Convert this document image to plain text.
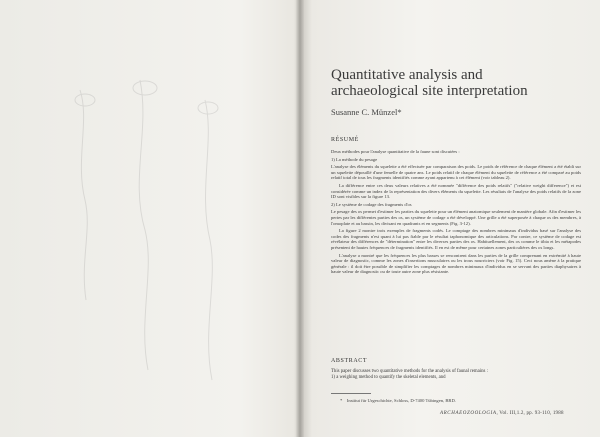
Quantitative analysis and
archaeological site interpretation
Susanne C. Münzel*
RÉSUMÉ

Deux méthodes pour l'analyse quantitative de la faune sont discutées :

1) La méthode du pesage

L'analyse des éléments du squelette a été effectuée par comparaison des poids. Le poids de référence de chaque élément a été établi sur un squelette dépouillé d'une femelle de quatre ans. Le poids relatif de chaque élément du squelette de référence a été comparé au poids relatif total de tous les fragments identifiés comme ayant appartenu à cet élément (voir tableau 2).

La différence entre ces deux valeurs relatives a été nommée "différence des poids relatifs" ("relative weight difference") et est considérée comme un index de la représentation des divers éléments du squelette. Les résultats de l'analyse des poids relatifs de la zone ID sont visibles sur la figure 13.

2) Le système de codage des fragments d'os

Le pesage des os permet d'estimer les parties du squelette pour un élément anatomique seulement de manière globale. Afin d'estimer les pertes par les différentes parties des os, un système de codage a été développé. Une grille a été superposée à chaque os des membres, à l'omoplate et au bassin, les divisant en quadrants et en segments (Fig. 3-12).

La figure 2 montre trois exemples de fragments codés. Le comptage des nombres minimaux d'individus basé sur l'analyse des codes des fragments n'est quant à lui pas fiable par le résultat taphonomique des articulations. Par contre, ce système de codage est révélateur des différences de "détermination" entre les diverses parties des os. Habituellement, des os comme le tibia et les métapodes présentent de hautes fréquences de fragments identifiés. Il en est de même pour certaines zones particulières des os longs.

L'analyse a montré que les fréquences les plus basses se rencontrent dans les parties de la grille comprenant en extrémité à haute valeur de diagnostic, comme les zones d'insertions musculaires ou les trous nourriciers (voir Fig. 15). Ceci nous amène à la pratique générale : il doit être possible de simplifier les comptages de nombres minimaux d'individus en se servant des parties diaphysaires à haute valeur de diagnostic ou de toute autre zone plus résistante.

ABSTRACT
This paper discusses two quantitative methods for the analysis of faunal remains :
1) a weighing method to quantify the skeletal elements, and
* Institut für Urgeschichte, Schloss, D-7400 Tübingen, BRD.
ARCHAEOZOOLOGIA, Vol. III,1.2, pp. 93-110, 1988
